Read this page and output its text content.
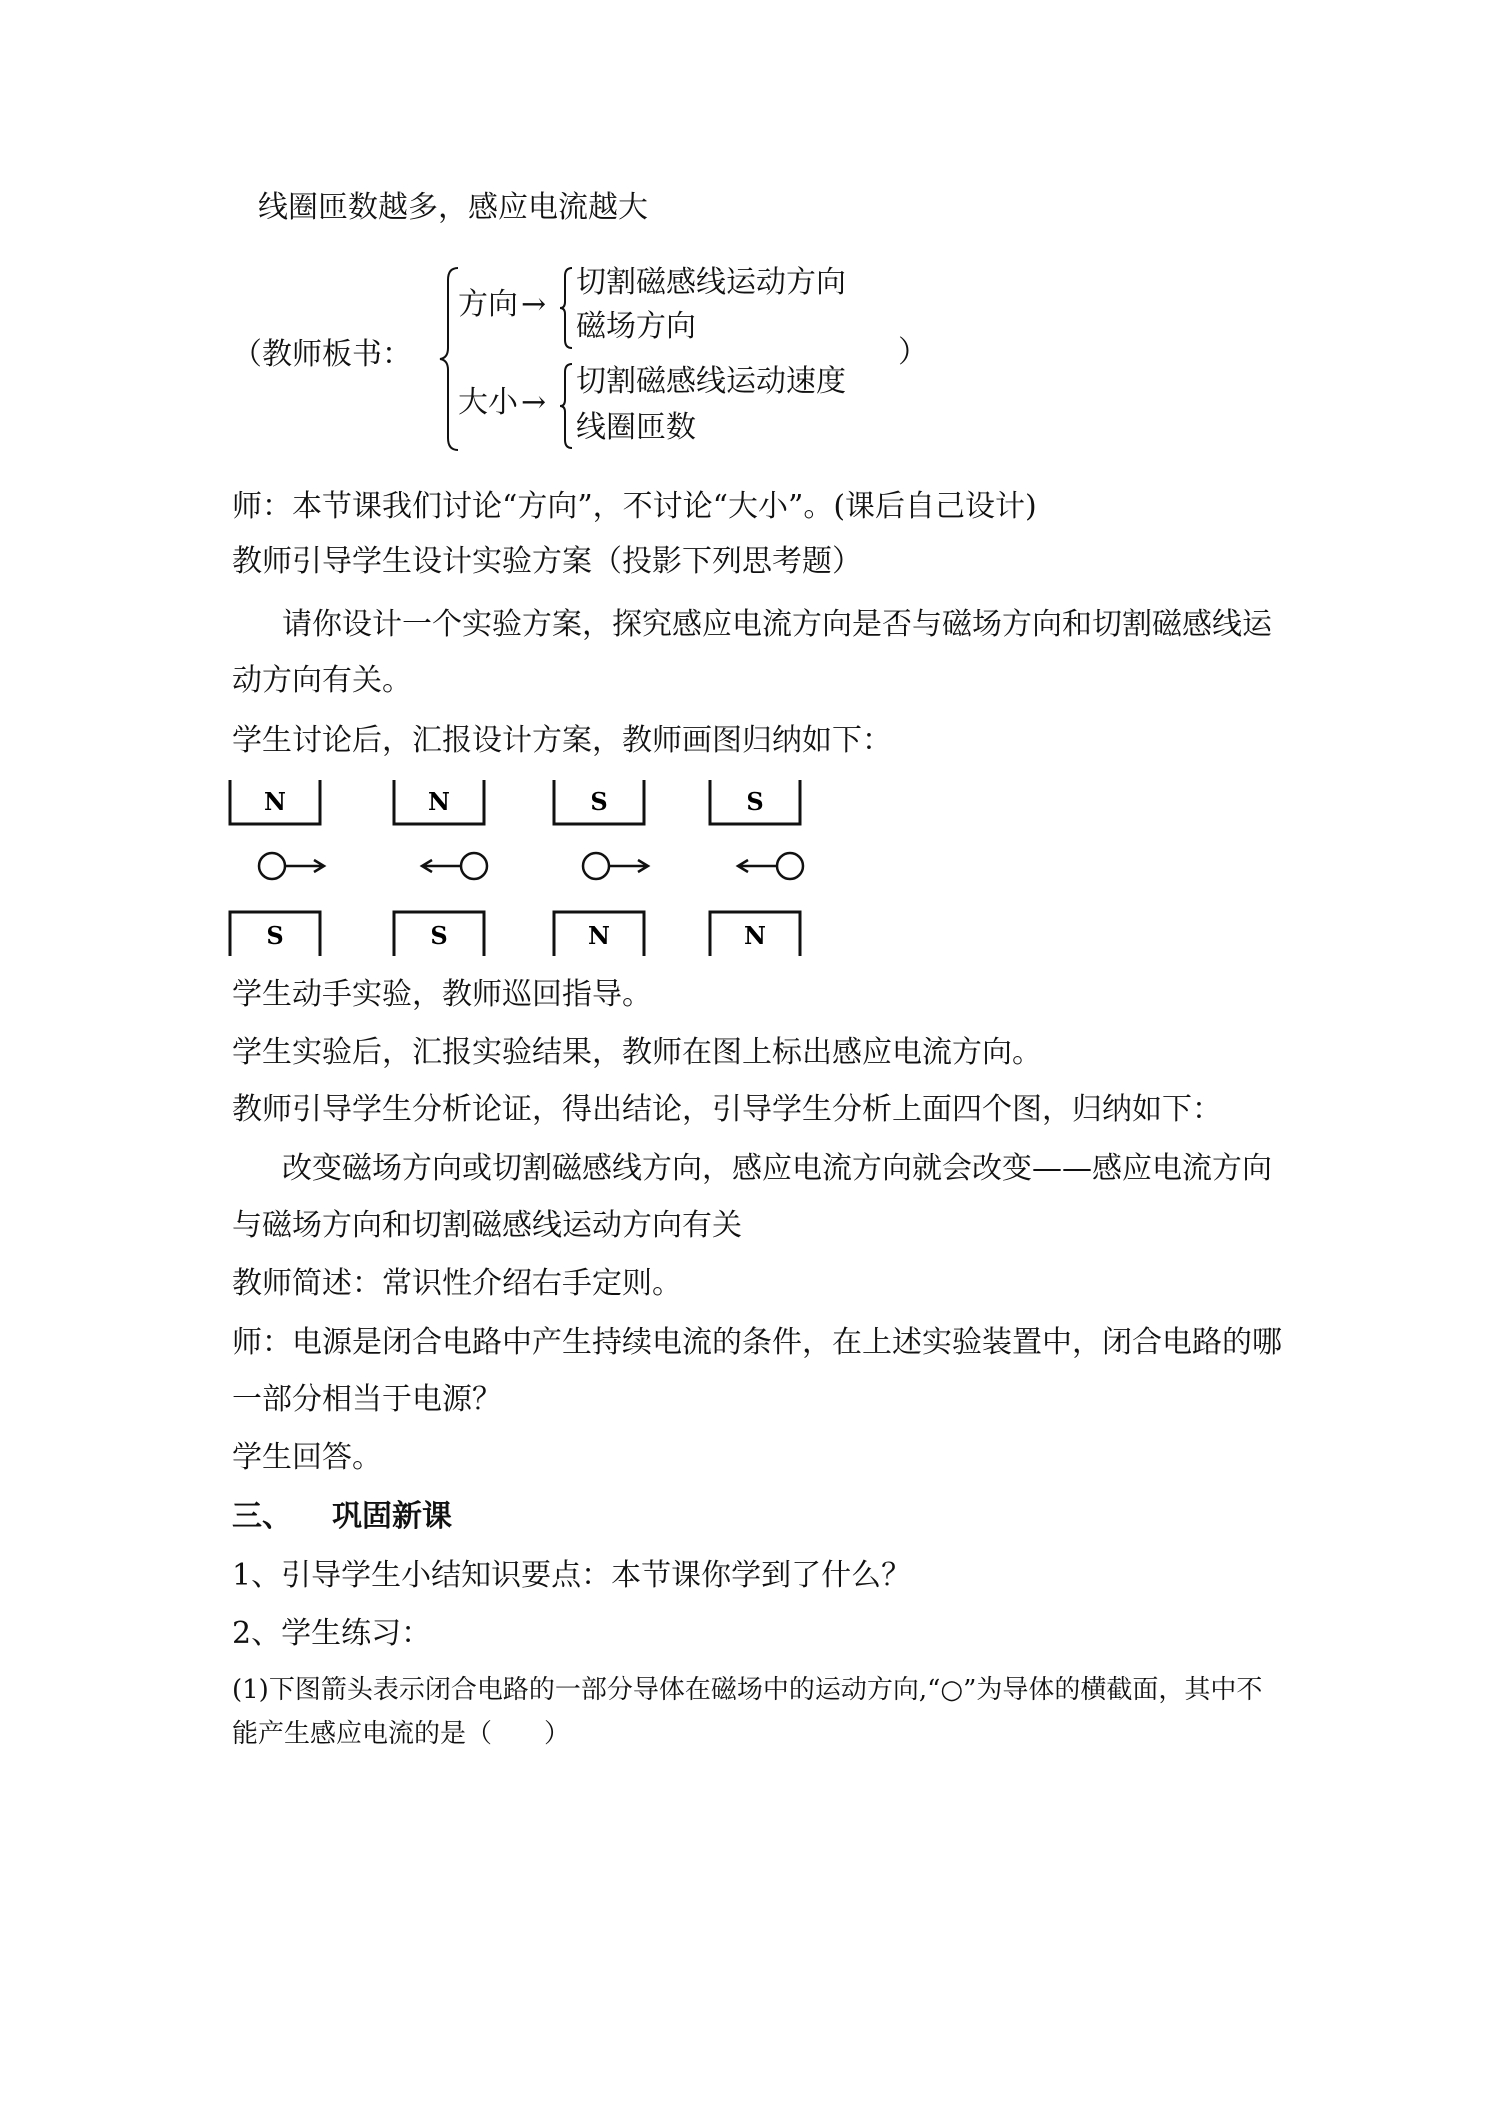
线圈匝数越多，感应电流越大
（教师板书：
方向 →
切割磁感线运动方向
磁场方向
大小 →
切割磁感线运动速度
线圈匝数
）
师：本节课我们讨论“方向”，不讨论“大小”。(课后自己设计)
教师引导学生设计实验方案（投影下列思考题）
请你设计一个实验方案，探究感应电流方向是否与磁场方向和切割磁感线运
动方向有关。
学生讨论后，汇报设计方案，教师画图归纳如下：
N
S
N
S
S
N
S
N
学生动手实验，教师巡回指导。
学生实验后，汇报实验结果，教师在图上标出感应电流方向。
教师引导学生分析论证，得出结论，引导学生分析上面四个图，归纳如下：
改变磁场方向或切割磁感线方向，感应电流方向就会改变——感应电流方向
与磁场方向和切割磁感线运动方向有关
教师简述：常识性介绍右手定则。
师：电源是闭合电路中产生持续电流的条件，在上述实验装置中，闭合电路的哪
一部分相当于电源？
学生回答。
三、 巩固新课
1、引导学生小结知识要点：本节课你学到了什么？
2、学生练习：
(1)下图箭头表示闭合电路的一部分导体在磁场中的运动方向,“○”为导体的横截面，其中不
能产生感应电流的是（　　）
